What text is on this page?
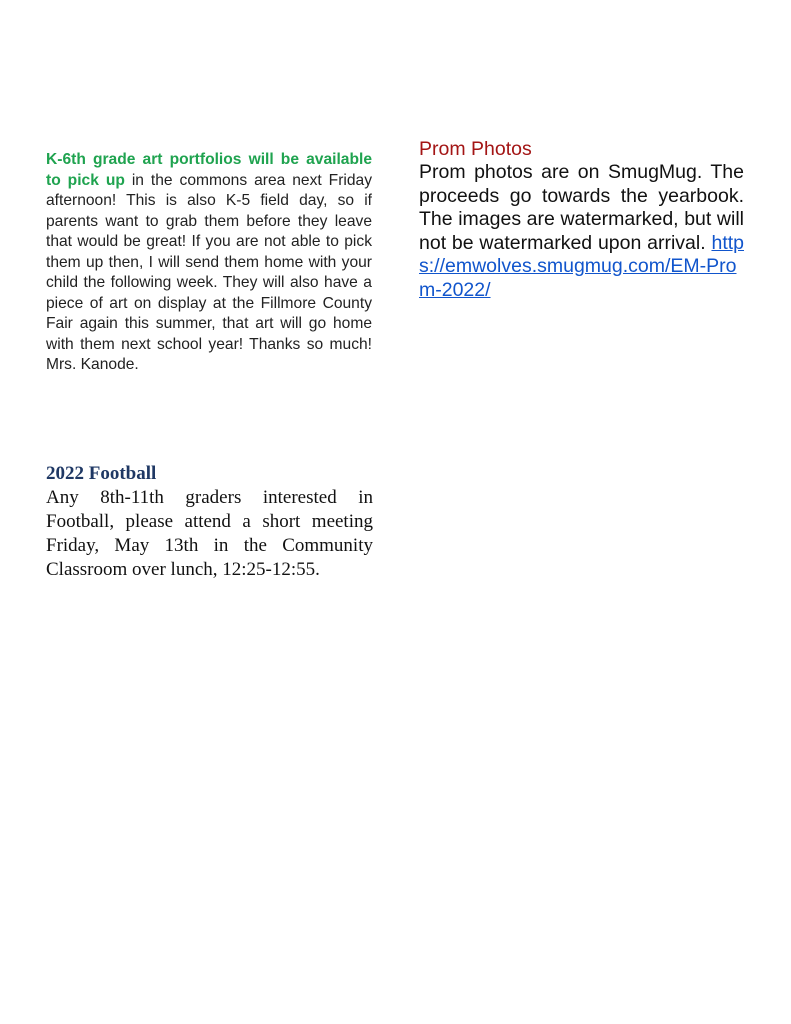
K-6th grade art portfolios will be available to pick up in the commons area next Friday afternoon! This is also K-5 field day, so if parents want to grab them before they leave that would be great! If you are not able to pick them up then, I will send them home with your child the following week. They will also have a piece of art on display at the Fillmore County Fair again this summer, that art will go home with them next school year! Thanks so much! Mrs. Kanode.

2022 Football

Any 8th-11th graders interested in Football, please attend a short meeting Friday, May 13th in the Community Classroom over lunch, 12:25-12:55.

Prom Photos

Prom photos are on SmugMug. The proceeds go towards the yearbook. The images are watermarked, but will not be watermarked upon arrival. https://emwolves.smugmug.com/EM-Prom-2022/
